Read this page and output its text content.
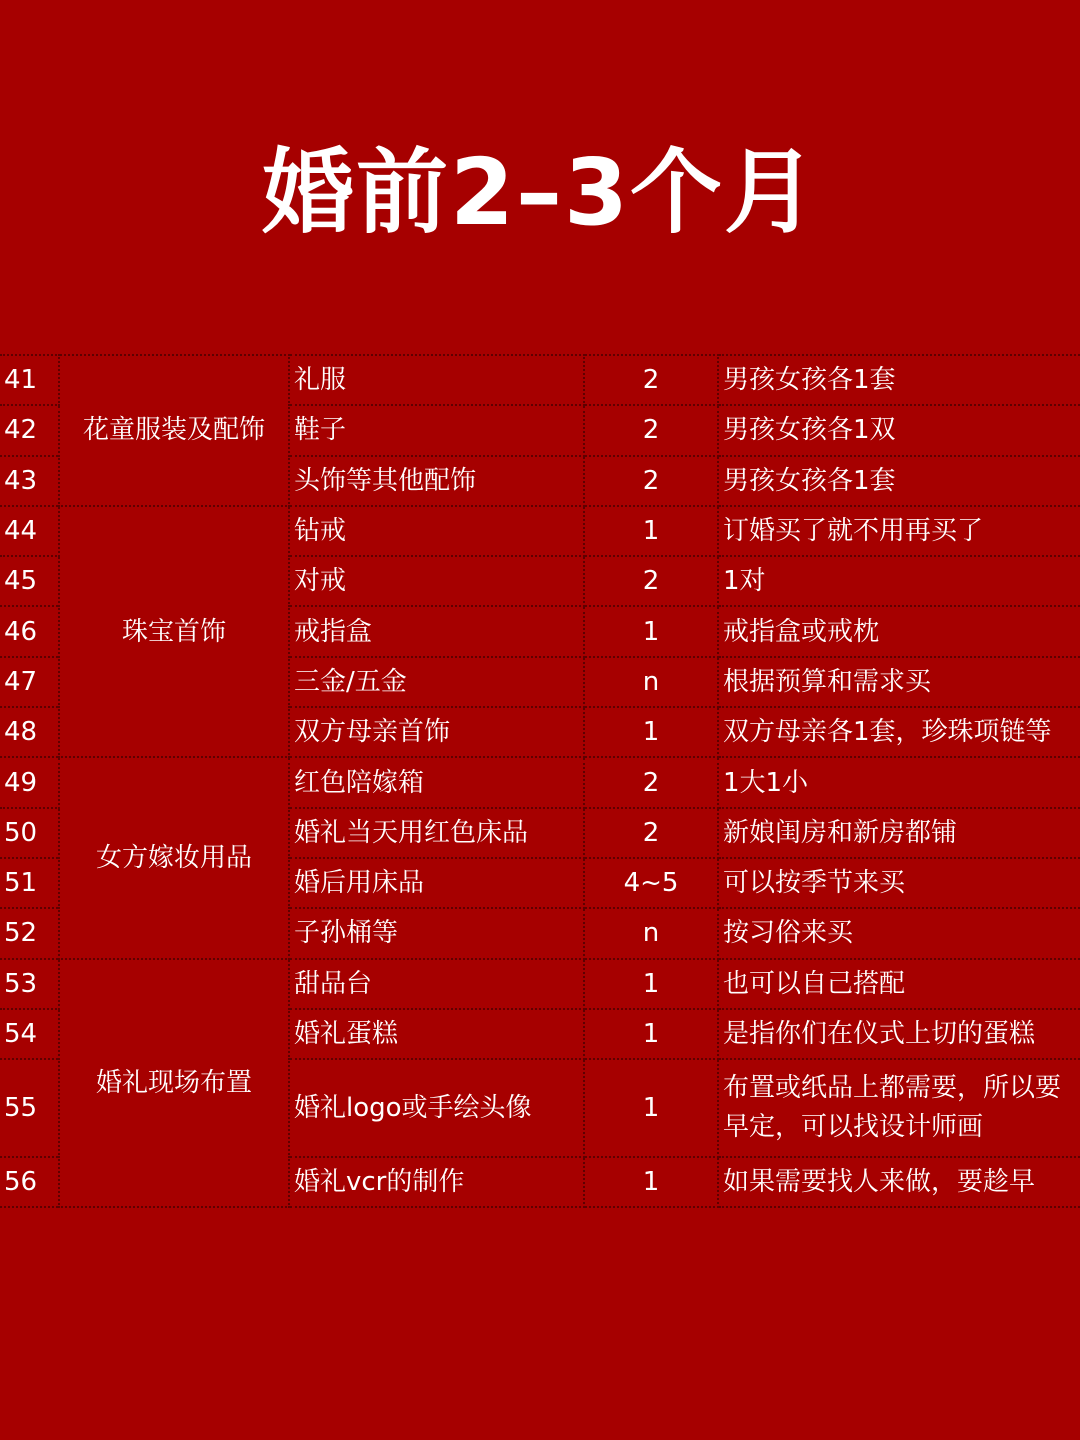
婚前2–3个月
41	花童服装及配饰	礼服	2	男孩女孩各1套
42		鞋子	2	男孩女孩各1双
43		头饰等其他配饰	2	男孩女孩各1套
44	珠宝首饰	钻戒	1	订婚买了就不用再买了
45		对戒	2	1对
46		戒指盒	1	戒指盒或戒枕
47		三金/五金	n	根据预算和需求买
48		双方母亲首饰	1	双方母亲各1套，珍珠项链等
49	女方嫁妆用品	红色陪嫁箱	2	1大1小
50		婚礼当天用红色床品	2	新娘闺房和新房都铺
51		婚后用床品	4~5	可以按季节来买
52		子孙桶等	n	按习俗来买
53	婚礼现场布置	甜品台	1	也可以自己搭配
54		婚礼蛋糕	1	是指你们在仪式上切的蛋糕
55		婚礼logo或手绘头像	1	布置或纸品上都需要，所以要早定，可以找设计师画
56		婚礼vcr的制作	1	如果需要找人来做，要趁早
